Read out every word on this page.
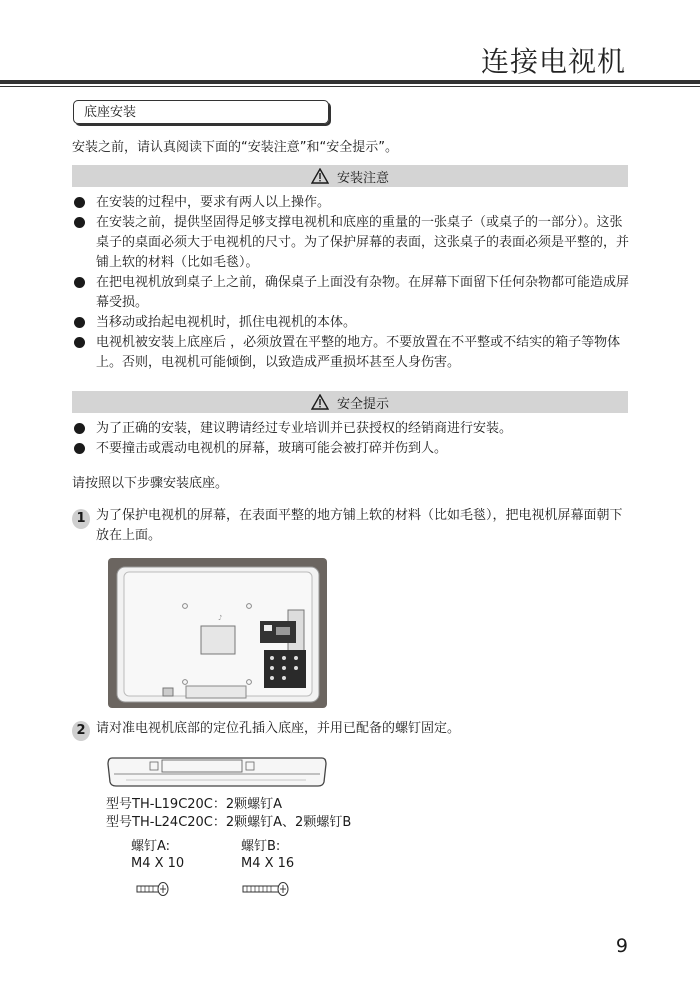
连接电视机
底座安装
安装之前，请认真阅读下面的“安装注意”和“安全提示”。
安装注意
在安装的过程中，要求有两人以上操作。
在安装之前，提供坚固得足够支撑电视机和底座的重量的一张桌子（或桌子的一部分）。这张桌子的桌面必须大于电视机的尺寸。为了保护屏幕的表面，这张桌子的表面必须是平整的，并铺上软的材料（比如毛毯）。
在把电视机放到桌子上之前，确保桌子上面没有杂物。在屏幕下面留下任何杂物都可能造成屏幕受损。
当移动或抬起电视机时，抓住电视机的本体。
电视机被安装上底座后 ，必须放置在平整的地方。不要放置在不平整或不结实的箱子等物体上。否则，电视机可能倾倒，以致造成严重损坏甚至人身伤害。
安全提示
为了正确的安装，建议聘请经过专业培训并已获授权的经销商进行安装。
不要撞击或震动电视机的屏幕，玻璃可能会被打碎并伤到人。
请按照以下步骤安装底座。
1 为了保护电视机的屏幕，在表面平整的地方铺上软的材料（比如毛毯），把电视机屏幕面朝下放在上面。
♪
2 请对准电视机底部的定位孔插入底座，并用已配备的螺钉固定。
型号TH-L19C20C：2颗螺钉A
型号TH-L24C20C：2颗螺钉A、2颗螺钉B
螺钉A:
M4 X 10
螺钉B:
M4 X 16
9
